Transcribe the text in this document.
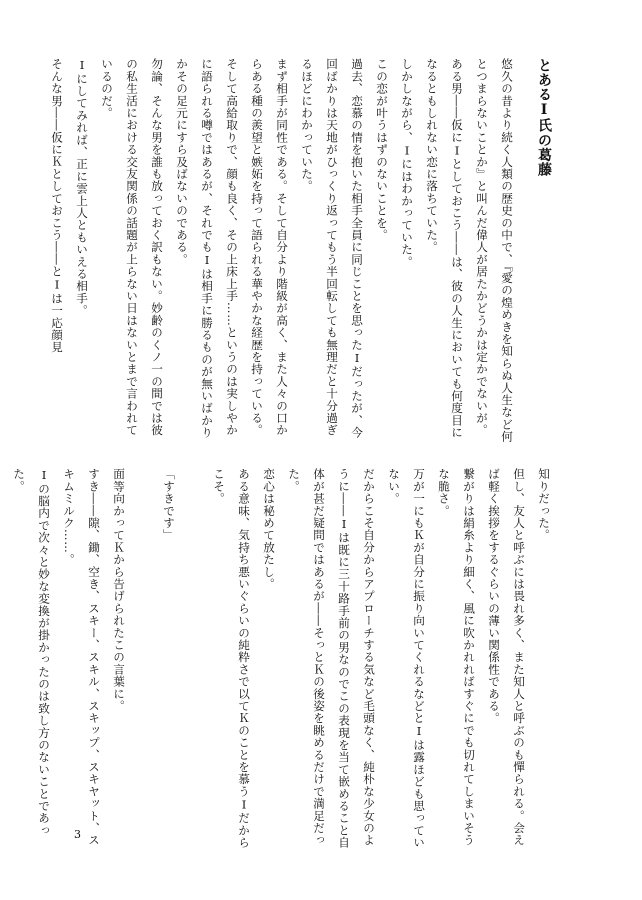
とあるⅠ氏の葛藤

悠久の昔より続く人類の歴史の中で、『愛の煌めきを知らぬ人生など何とつまらないことか』と叫んだ偉人が居たかどうかは定かでないが。

ある男――仮にⅠとしておこう――は、彼の人生においても何度目になるともしれない恋に落ちていた。

しかしながら、Ⅰにはわかっていた。

この恋が叶うはずのないことを。

過去、恋慕の情を抱いた相手全員に同じことを思ったⅠだったが、今回ばかりは天地がひっくり返ってもう半回転しても無理だと十分過ぎるほどにわかっていた。

まず相手が同性である。そして自分より階級が高く、また人々の口からある種の羨望と嫉妬を持って語られる華やかな経歴を持っている。

そして高給取りで、顔も良く、その上床上手……というのは実しやかに語られる噂ではあるが、それでもⅠは相手に勝るものが無いばかりかその足元にすら及ばないのである。

勿論、そんな男を誰も放っておく訳もない。妙齢のくノ一の間では彼の私生活における交友関係の話題が上らない日はないとまで言われているのだ。

Ⅰにしてみれば、正に雲上人ともいえる相手。

そんな男――仮にＫとしておこう――とⅠは一応顔見

知りだった。

但し、友人と呼ぶには畏れ多く、また知人と呼ぶのも憚られる。会えば軽く挨拶をするぐらいの薄い関係性である。

繋がりは絹糸より細く、風に吹かれればすぐにでも切れてしまいそうな脆さ。

万が一にもＫが自分に振り向いてくれるなどとⅠは露ほども思っていない。

だからこそ自分からアプローチする気など毛頭なく、純朴な少女のように――Ⅰは既に三十路手前の男なのでこの表現を当て嵌めること自体が甚だ疑問ではあるが――そっとＫの後姿を眺めるだけで満足だった。

恋心は秘めて放たし。

ある意味、気持ち悪いぐらいの純粋さで以てＫのことを慕うⅠだからこそ。

「すきです」

面等向かってＫから告げられたこの言葉に。

すき――隙、鋤、空き、スキー、スキル、スキップ、スキヤット、スキムミルク……。

Ⅰの脳内で次々と妙な変換が掛かったのは致し方のないことであった。

3
